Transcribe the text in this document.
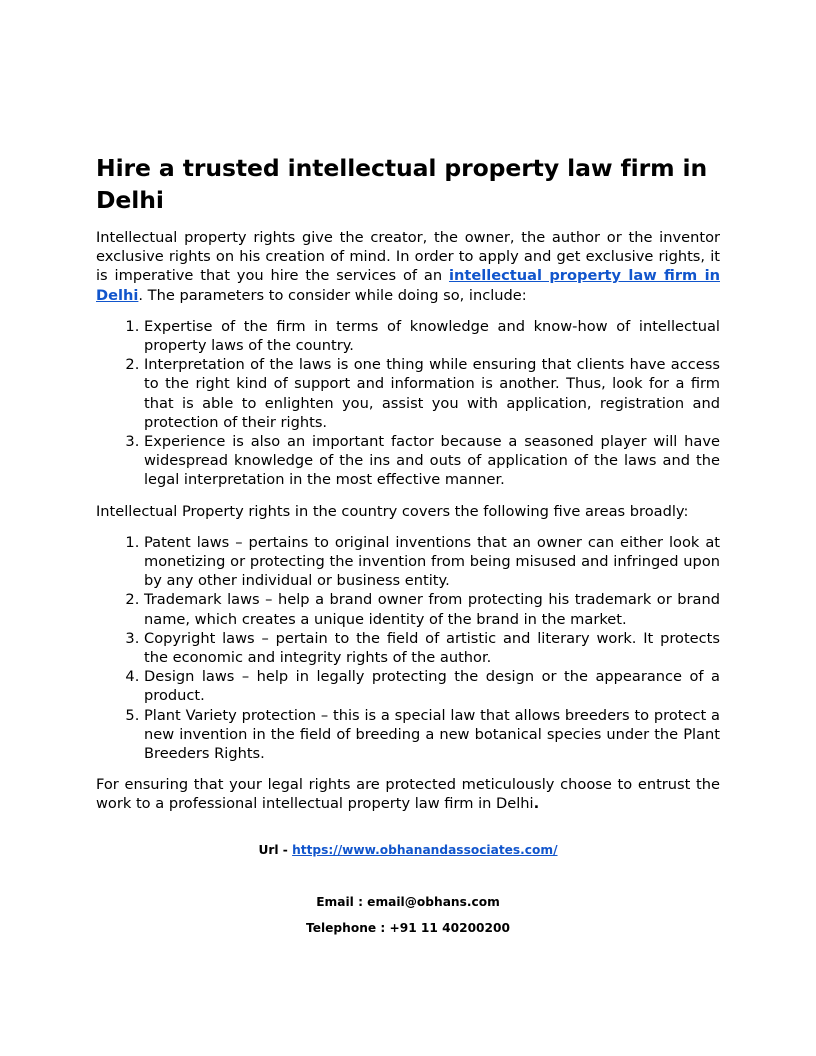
Hire a trusted intellectual property law firm in Delhi

Intellectual property rights give the creator, the owner, the author or the inventor exclusive rights on his creation of mind. In order to apply and get exclusive rights, it is imperative that you hire the services of an intellectual property law firm in Delhi. The parameters to consider while doing so, include:

1. Expertise of the firm in terms of knowledge and know-how of intellectual property laws of the country.
2. Interpretation of the laws is one thing while ensuring that clients have access to the right kind of support and information is another. Thus, look for a firm that is able to enlighten you, assist you with application, registration and protection of their rights.
3. Experience is also an important factor because a seasoned player will have widespread knowledge of the ins and outs of application of the laws and the legal interpretation in the most effective manner.

Intellectual Property rights in the country covers the following five areas broadly:

1. Patent laws – pertains to original inventions that an owner can either look at monetizing or protecting the invention from being misused and infringed upon by any other individual or business entity.
2. Trademark laws – help a brand owner from protecting his trademark or brand name, which creates a unique identity of the brand in the market.
3. Copyright laws – pertain to the field of artistic and literary work. It protects the economic and integrity rights of the author.
4. Design laws – help in legally protecting the design or the appearance of a product.
5. Plant Variety protection – this is a special law that allows breeders to protect a new invention in the field of breeding a new botanical species under the Plant Breeders Rights.

For ensuring that your legal rights are protected meticulously choose to entrust the work to a professional intellectual property law firm in Delhi.

Url - https://www.obhanandassociates.com/
Email : email@obhans.com
Telephone : +91 11 40200200
